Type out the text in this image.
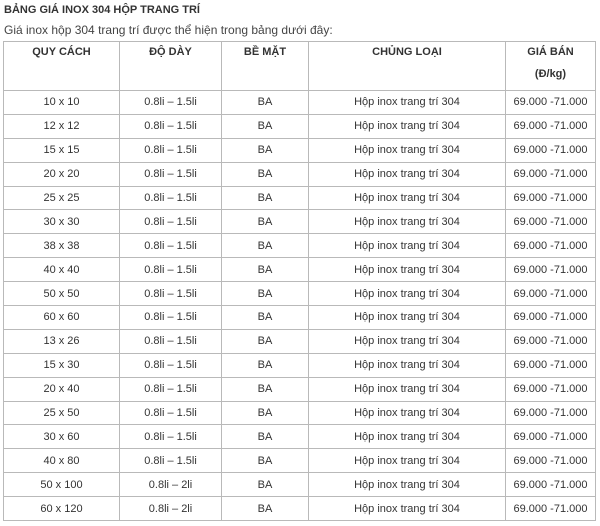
BẢNG GIÁ INOX 304 HỘP TRANG TRÍ
Giá inox hộp 304 trang trí được thể hiện trong bảng dưới đây:
QUY CÁCH	ĐỘ DÀY	BỀ MẶT	CHỦNG LOẠI	GIÁ BÁN
(Đ/kg)

10 x 10	0.8li – 1.5li	BA	Hộp inox trang trí 304	69.000 -71.000
12 x 12	0.8li – 1.5li	BA	Hộp inox trang trí 304	69.000 -71.000
15 x 15	0.8li – 1.5li	BA	Hộp inox trang trí 304	69.000 -71.000
20 x 20	0.8li – 1.5li	BA	Hộp inox trang trí 304	69.000 -71.000
25 x 25	0.8li – 1.5li	BA	Hộp inox trang trí 304	69.000 -71.000
30 x 30	0.8li – 1.5li	BA	Hộp inox trang trí 304	69.000 -71.000
38 x 38	0.8li – 1.5li	BA	Hộp inox trang trí 304	69.000 -71.000
40 x 40	0.8li – 1.5li	BA	Hộp inox trang trí 304	69.000 -71.000
50 x 50	0.8li – 1.5li	BA	Hộp inox trang trí 304	69.000 -71.000
60 x 60	0.8li – 1.5li	BA	Hộp inox trang trí 304	69.000 -71.000
13 x 26	0.8li – 1.5li	BA	Hộp inox trang trí 304	69.000 -71.000
15 x 30	0.8li – 1.5li	BA	Hộp inox trang trí 304	69.000 -71.000
20 x 40	0.8li – 1.5li	BA	Hộp inox trang trí 304	69.000 -71.000
25 x 50	0.8li – 1.5li	BA	Hộp inox trang trí 304	69.000 -71.000
30 x 60	0.8li – 1.5li	BA	Hộp inox trang trí 304	69.000 -71.000
40 x 80	0.8li – 1.5li	BA	Hộp inox trang trí 304	69.000 -71.000
50 x 100	0.8li – 2li	BA	Hộp inox trang trí 304	69.000 -71.000
60 x 120	0.8li – 2li	BA	Hộp inox trang trí 304	69.000 -71.000
